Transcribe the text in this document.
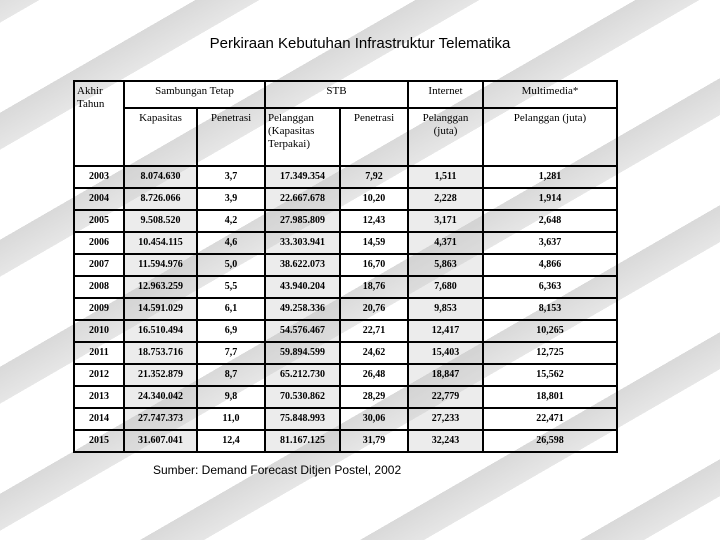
Perkiraan Kebutuhan Infrastruktur Telematika
Akhir Tahun	Sambungan Tetap		STB		Internet	Multimedia*
	Kapasitas	Penetrasi	Pelanggan (Kapasitas Terpakai)	Penetrasi	Pelanggan (juta)	Pelanggan (juta)
2003	8.074.630	3,7	17.349.354	7,92	1,511	1,281
2004	8.726.066	3,9	22.667.678	10,20	2,228	1,914
2005	9.508.520	4,2	27.985.809	12,43	3,171	2,648
2006	10.454.115	4,6	33.303.941	14,59	4,371	3,637
2007	11.594.976	5,0	38.622.073	16,70	5,863	4,866
2008	12.963.259	5,5	43.940.204	18,76	7,680	6,363
2009	14.591.029	6,1	49.258.336	20,76	9,853	8,153
2010	16.510.494	6,9	54.576.467	22,71	12,417	10,265
2011	18.753.716	7,7	59.894.599	24,62	15,403	12,725
2012	21.352.879	8,7	65.212.730	26,48	18,847	15,562
2013	24.340.042	9,8	70.530.862	28,29	22,779	18,801
2014	27.747.373	11,0	75.848.993	30,06	27,233	22,471
2015	31.607.041	12,4	81.167.125	31,79	32,243	26,598
Sumber: Demand Forecast Ditjen Postel, 2002
